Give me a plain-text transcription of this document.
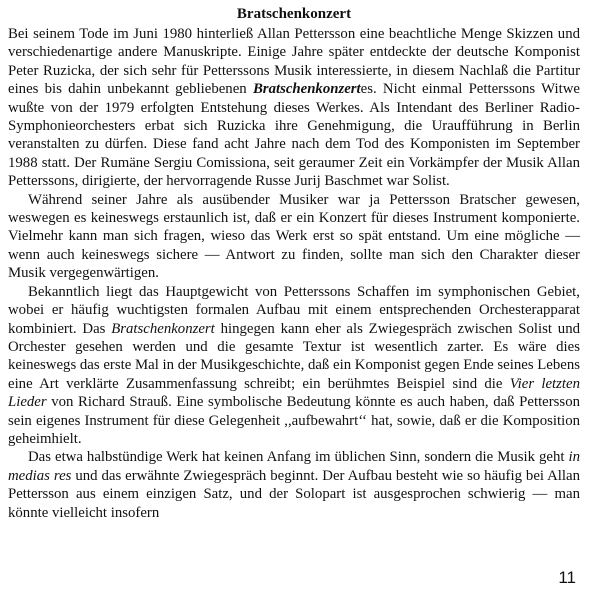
Bratschenkonzert

Bei seinem Tode im Juni 1980 hinterließ Allan Pettersson eine beachtliche Menge Skizzen und verschiedenartige andere Manuskripte. Einige Jahre später entdeckte der deutsche Komponist Peter Ruzicka, der sich sehr für Petterssons Musik interessierte, in diesem Nachlaß die Partitur eines bis dahin unbekannt gebliebenen Bratschenkonzertes. Nicht einmal Petterssons Witwe wußte von der 1979 erfolgten Entstehung dieses Werkes. Als Intendant des Berliner Radio-Symphonieorchesters erbat sich Ruzicka ihre Genehmigung, die Uraufführung in Berlin veranstalten zu dürfen. Diese fand acht Jahre nach dem Tod des Komponisten im September 1988 statt. Der Rumäne Sergiu Comissiona, seit geraumer Zeit ein Vorkämpfer der Musik Allan Petterssons, dirigierte, der hervorragende Russe Jurij Baschmet war Solist.

Während seiner Jahre als ausübender Musiker war ja Pettersson Bratscher gewesen, weswegen es keineswegs erstaunlich ist, daß er ein Konzert für dieses Instrument komponierte. Vielmehr kann man sich fragen, wieso das Werk erst so spät entstand. Um eine mögliche — wenn auch keineswegs sichere — Antwort zu finden, sollte man sich den Charakter dieser Musik vergegenwärtigen.

Bekanntlich liegt das Hauptgewicht von Petterssons Schaffen im symphonischen Gebiet, wobei er häufig wuchtigsten formalen Aufbau mit einem entsprechenden Orchesterapparat kombiniert. Das Bratschenkonzert hingegen kann eher als Zwiegespräch zwischen Solist und Orchester gesehen werden und die gesamte Textur ist wesentlich zarter. Es wäre dies keineswegs das erste Mal in der Musikgeschichte, daß ein Komponist gegen Ende seines Lebens eine Art verklärte Zusammenfassung schreibt; ein berühmtes Beispiel sind die Vier letzten Lieder von Richard Strauß. Eine symbolische Bedeutung könnte es auch haben, daß Pettersson sein eigenes Instrument für diese Gelegenheit ,,aufbewahrt‘‘ hat, sowie, daß er die Komposition geheimhielt.

Das etwa halbstündige Werk hat keinen Anfang im üblichen Sinn, sondern die Musik geht in medias res und das erwähnte Zwiegespräch beginnt. Der Aufbau besteht wie so häufig bei Allan Pettersson aus einem einzigen Satz, und der Solopart ist ausgesprochen schwierig — man könnte vielleicht insofern

11
